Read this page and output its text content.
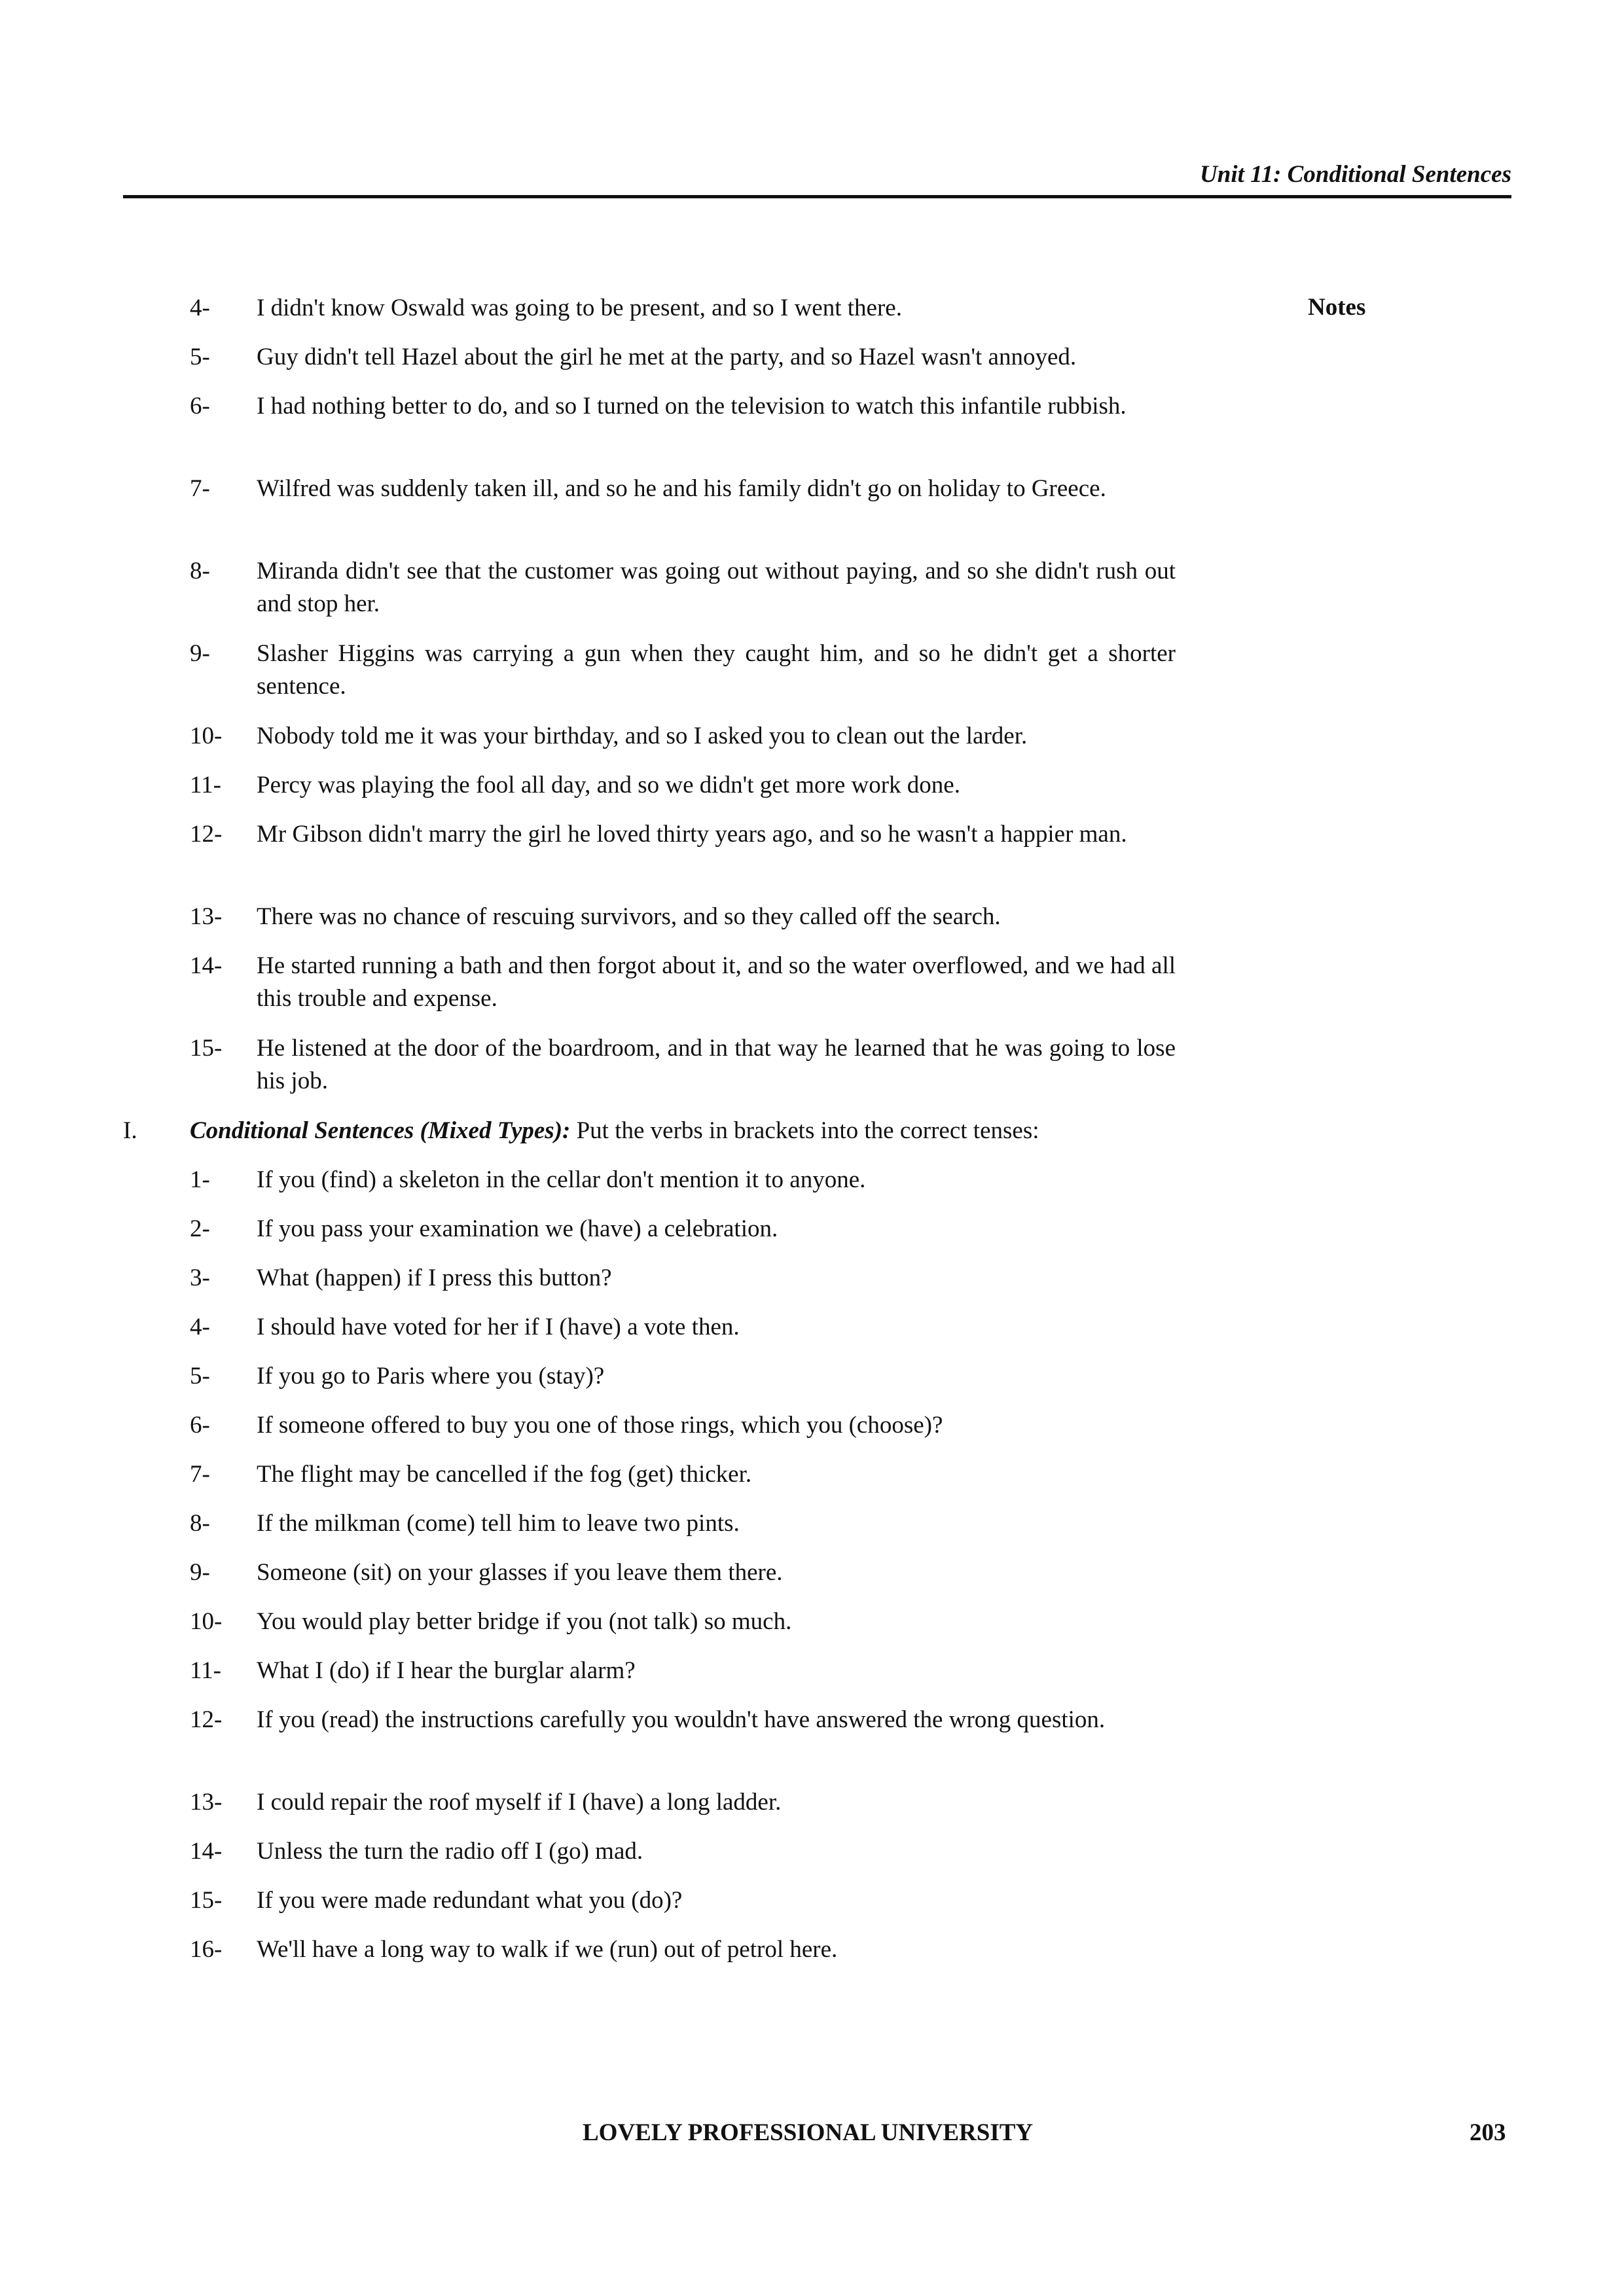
Unit 11: Conditional Sentences
Notes
4-	I didn't know Oswald was going to be present, and so I went there.
5-	Guy didn't tell Hazel about the girl he met at the party, and so Hazel wasn't annoyed.
6-	I had nothing better to do, and so I turned on the television to watch this infantile rubbish.
7-	Wilfred was suddenly taken ill, and so he and his family didn't go on holiday to Greece.
8-	Miranda didn't see that the customer was going out without paying, and so she didn't rush out and stop her.
9-	Slasher Higgins was carrying a gun when they caught him, and so he didn't get a shorter sentence.
10-	Nobody told me it was your birthday, and so I asked you to clean out the larder.
11-	Percy was playing the fool all day, and so we didn't get more work done.
12-	Mr Gibson didn't marry the girl he loved thirty years ago, and so he wasn't a happier man.
13-	There was no chance of rescuing survivors, and so they called off the search.
14-	He started running a bath and then forgot about it, and so the water overflowed, and we had all this trouble and expense.
15-	He listened at the door of the boardroom, and in that way he learned that he was going to lose his job.
I. Conditional Sentences (Mixed Types): Put the verbs in brackets into the correct tenses:
1-	If you (find) a skeleton in the cellar don't mention it to anyone.
2-	If you pass your examination we (have) a celebration.
3-	What (happen) if I press this button?
4-	I should have voted for her if I (have) a vote then.
5-	If you go to Paris where you (stay)?
6-	If someone offered to buy you one of those rings, which you (choose)?
7-	The flight may be cancelled if the fog (get) thicker.
8-	If the milkman (come) tell him to leave two pints.
9-	Someone (sit) on your glasses if you leave them there.
10-	You would play better bridge if you (not talk) so much.
11-	What I (do) if I hear the burglar alarm?
12-	If you (read) the instructions carefully you wouldn't have answered the wrong question.
13-	I could repair the roof myself if I (have) a long ladder.
14-	Unless the turn the radio off I (go) mad.
15-	If you were made redundant what you (do)?
16-	We'll have a long way to walk if we (run) out of petrol here.
LOVELY PROFESSIONAL UNIVERSITY	203
